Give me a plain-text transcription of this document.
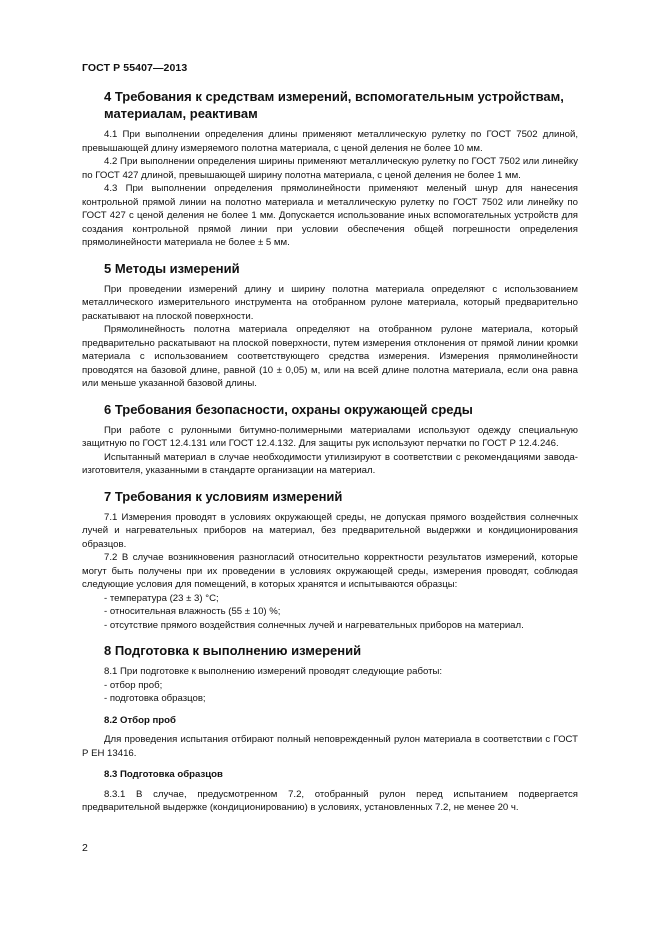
ГОСТ Р 55407—2013
4 Требования к средствам измерений, вспомогательным устройствам,
материалам, реактивам

4.1 При выполнении определения длины применяют металлическую рулетку по ГОСТ 7502 длиной, превышающей длину измеряемого полотна материала, с ценой деления не более 10 мм.

4.2 При выполнении определения ширины применяют металлическую рулетку по ГОСТ 7502 или линейку по ГОСТ 427 длиной, превышающей ширину полотна материала, с ценой деления не более 1 мм.

4.3 При выполнении определения прямолинейности применяют меленый шнур для нанесения контрольной прямой линии на полотно материала и металлическую рулетку по ГОСТ 7502 или линейку по ГОСТ 427 с ценой деления не более 1 мм. Допускается использование иных вспомогательных устройств для создания контрольной прямой линии при условии обеспечения общей погрешности определения прямолинейности материала не более ± 5 мм.

5 Методы измерений

При проведении измерений длину и ширину полотна материала определяют с использованием металлического измерительного инструмента на отобранном рулоне материала, который предварительно раскатывают на плоской поверхности.

Прямолинейность полотна материала определяют на отобранном рулоне материала, который предварительно раскатывают на плоской поверхности, путем измерения отклонения от прямой линии кромки материала с использованием соответствующего средства измерения. Измерения прямолинейности проводятся на базовой длине, равной (10 ± 0,05) м, или на всей длине полотна материала, если она равна или меньше указанной базовой длины.

6 Требования безопасности, охраны окружающей среды

При работе с рулонными битумно-полимерными материалами используют одежду специальную защитную по ГОСТ 12.4.131 или ГОСТ 12.4.132. Для защиты рук используют перчатки по ГОСТ Р 12.4.246.

Испытанный материал в случае необходимости утилизируют в соответствии с рекомендациями завода-изготовителя, указанными в стандарте организации на материал.

7 Требования к условиям измерений

7.1 Измерения проводят в условиях окружающей среды, не допуская прямого воздействия солнечных лучей и нагревательных приборов на материал, без предварительной выдержки и кондиционирования образцов.

7.2 В случае возникновения разногласий относительно корректности результатов измерений, которые могут быть получены при их проведении в условиях окружающей среды, измерения проводят, соблюдая следующие условия для помещений, в которых хранятся и испытываются образцы:

- температура (23 ± 3) °С;

- относительная влажность (55 ± 10) %;

- отсутствие прямого воздействия солнечных лучей и нагревательных приборов на материал.

8 Подготовка к выполнению измерений

8.1 При подготовке к выполнению измерений проводят следующие работы:

- отбор проб;

- подготовка образцов;

8.2 Отбор проб

Для проведения испытания отбирают полный неповрежденный рулон материала в соответствии с ГОСТ Р ЕН 13416.

8.3 Подготовка образцов

8.3.1 В случае, предусмотренном 7.2, отобранный рулон перед испытанием подвергается предварительной выдержке (кондиционированию) в условиях, установленных 7.2, не менее 20 ч.

2
